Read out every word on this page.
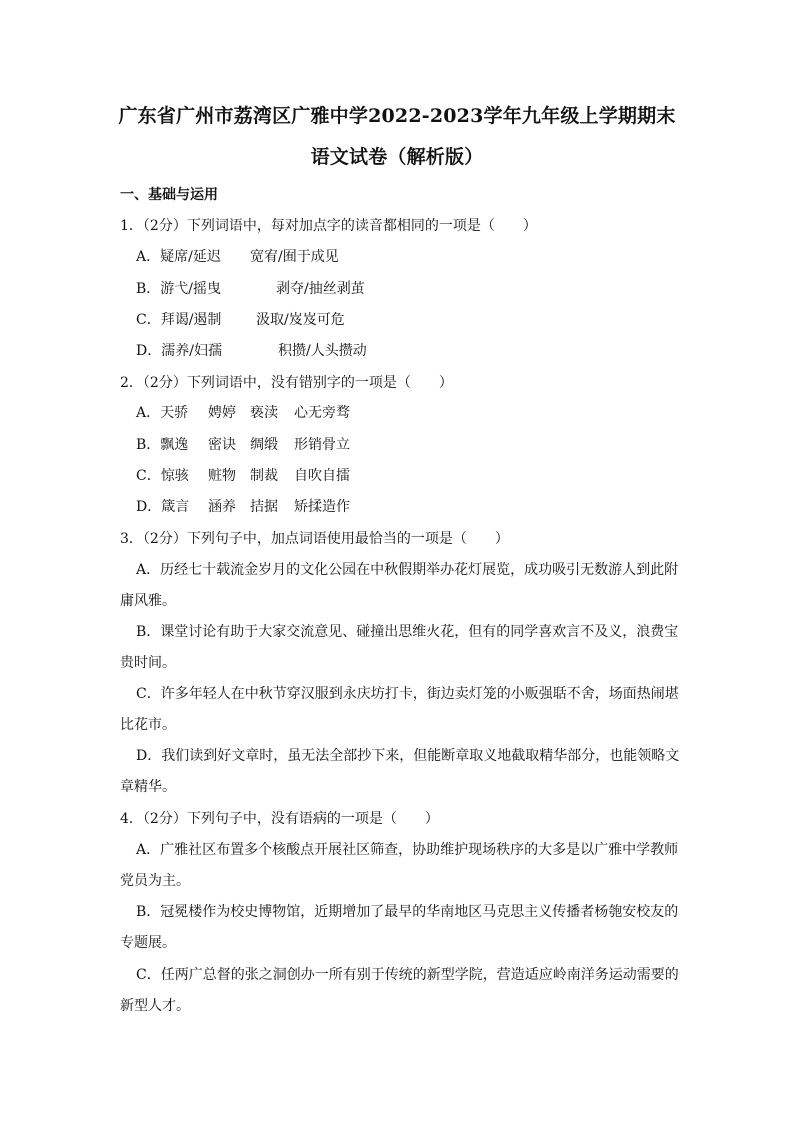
广东省广州市荔湾区广雅中学2022-2023学年九年级上学期期末
语文试卷（解析版）
一、基础与运用
1．（2分）下列词语中，每对加点字的读音都相同的一项是（　　）
A．疑席/延迟 宽宥/囿于成见
B．游弋/摇曳	剥夺/抽丝剥茧
C．拜谒/遏制 汲取/岌岌可危
D．濡养/妇孺	积攒/人头攒动
2．（2分）下列词语中，没有错别字的一项是（　　）
A．天骄 娉婷 亵渎 心无旁骛
B．飘逸 密诀 绸缎 形销骨立
C．惊骇 赃物 制裁 自吹自擂
D．箴言 涵养 拮据 矫揉造作
3．（2分）下列句子中，加点词语使用最恰当的一项是（　　）
A．历经七十载流金岁月的文化公园在中秋假期举办花灯展览，成功吸引无数游人到此附
庸风雅。
B．课堂讨论有助于大家交流意见、碰撞出思维火花，但有的同学喜欢言不及义，浪费宝
贵时间。
C．许多年轻人在中秋节穿汉服到永庆坊打卡，街边卖灯笼的小贩强聒不舍，场面热闹堪
比花市。
D．我们读到好文章时，虽无法全部抄下来，但能断章取义地截取精华部分，也能领略文
章精华。
4．（2分）下列句子中，没有语病的一项是（　　）
A．广雅社区布置多个核酸点开展社区筛查，协助维护现场秩序的大多是以广雅中学教师
党员为主。
B．冠冕楼作为校史博物馆，近期增加了最早的华南地区马克思主义传播者杨匏安校友的
专题展。
C．任两广总督的张之洞创办一所有别于传统的新型学院，营造适应岭南洋务运动需要的
新型人才。
